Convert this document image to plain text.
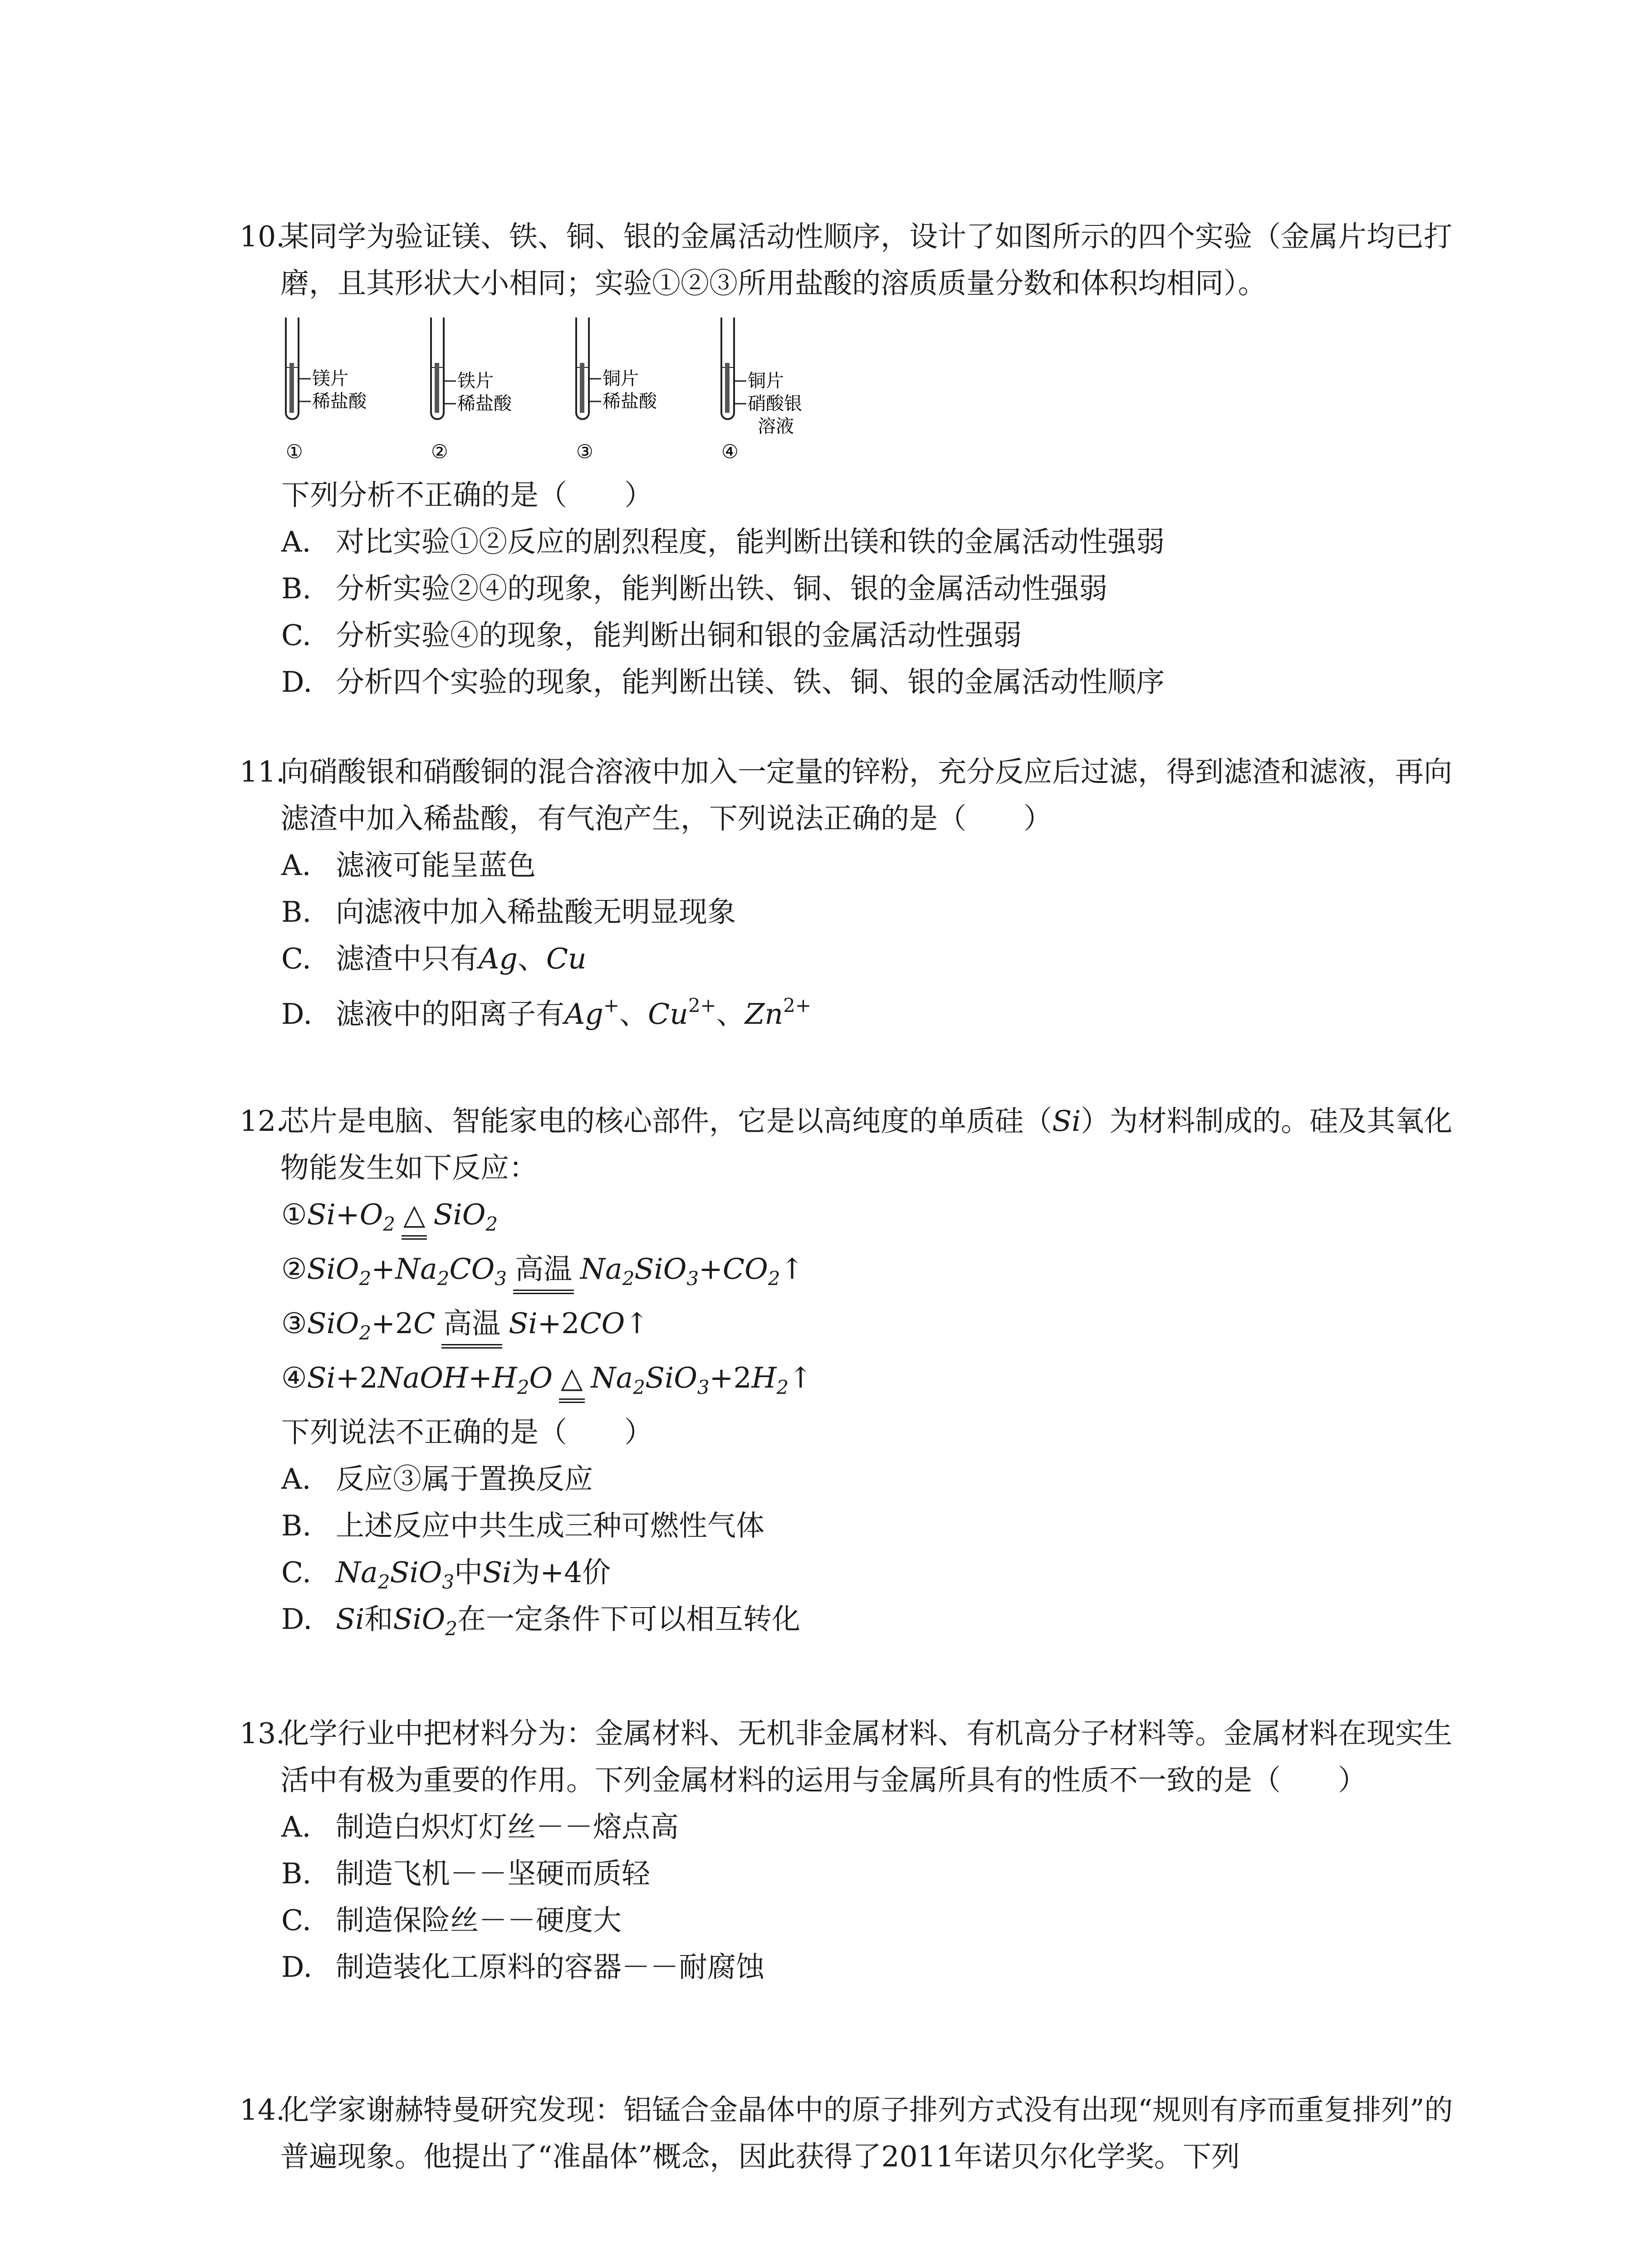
10.某同学为验证镁、铁、铜、银的金属活动性顺序，设计了如图所示的四个实验（金属片均已打磨，且其形状大小相同；实验①②③所用盐酸的溶质质量分数和体积均相同）。

镁片
稀盐酸
①
铁片
稀盐酸
②
铜片
稀盐酸
③
铜片
硝酸银
溶液
④

下列分析不正确的是（　　）

A. 对比实验①②反应的剧烈程度，能判断出镁和铁的金属活动性强弱

B. 分析实验②④的现象，能判断出铁、铜、银的金属活动性强弱

C. 分析实验④的现象，能判断出铜和银的金属活动性强弱

D. 分析四个实验的现象，能判断出镁、铁、铜、银的金属活动性顺序

11.向硝酸银和硝酸铜的混合溶液中加入一定量的锌粉，充分反应后过滤，得到滤渣和滤液，再向滤渣中加入稀盐酸，有气泡产生，下列说法正确的是（　　）

A. 滤液可能呈蓝色

B. 向滤液中加入稀盐酸无明显现象

C. 滤渣中只有Ag、Cu

D. 滤液中的阳离子有Ag+、$Cu^{2+}$、$Zn^{2+}$

12.芯片是电脑、智能家电的核心部件，它是以高纯度的单质硅（Si）为材料制成的。硅及其氧化物能发生如下反应：

$①Si+O_2$ △ SiO$_2$

$②SiO_2+Na_2CO_3$ 高温 $Na_2SiO_3+CO_2↑$

③SiO$_2$+2C 高温 Si+2CO↑

$④Si+2NaOH+H_2O$ △ $Na_2SiO_3+2H_2↑$

下列说法不正确的是（　　）

A. 反应③属于置换反应

B. 上述反应中共生成三种可燃性气体

C. $Na_2SiO_3$中Si为+4价

D. Si和SiO$_2$在一定条件下可以相互转化

13.化学行业中把材料分为：金属材料、无机非金属材料、有机高分子材料等。金属材料在现实生活中有极为重要的作用。下列金属材料的运用与金属所具有的性质不一致的是（　　）

A. 制造白炽灯灯丝－－熔点高

B. 制造飞机－－坚硬而质轻

C. 制造保险丝－－硬度大

D. 制造装化工原料的容器－－耐腐蚀

14.化学家谢赫特曼研究发现：铝锰合金晶体中的原子排列方式没有出现“规则有序而重复排列”的普遍现象。他提出了“准晶体”概念，因此获得了2011年诺贝尔化学奖。下列
